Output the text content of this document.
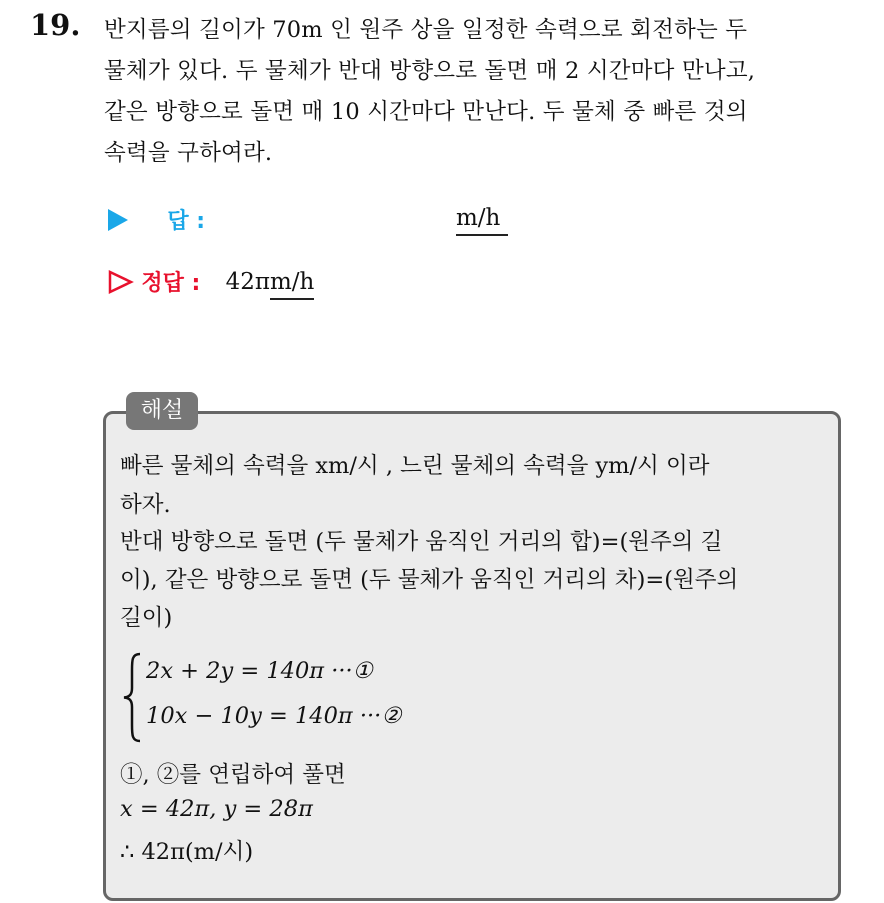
19. 반지름의 길이가 70m 인 원주 상을 일정한 속력으로 회전하는 두
물체가 있다. 두 물체가 반대 방향으로 돌면 매 2 시간마다 만나고,
같은 방향으로 돌면 매 10 시간마다 만난다. 두 물체 중 빠른 것의
속력을 구하여라.
답 :	m/h
정답 : 42πm/h
해설
빠른 물체의 속력을 xm/시 , 느린 물체의 속력을 ym/시 이라
하자.
반대 방향으로 돌면 (두 물체가 움직인 거리의 합)=(원주의 길
이), 같은 방향으로 돌면 (두 물체가 움직인 거리의 차)=(원주의
길이)
2x + 2y = 140π ···①
10x − 10y = 140π ···②
①, ②를 연립하여 풀면
x = 42π, y = 28π
∴ 42π(m/시)
